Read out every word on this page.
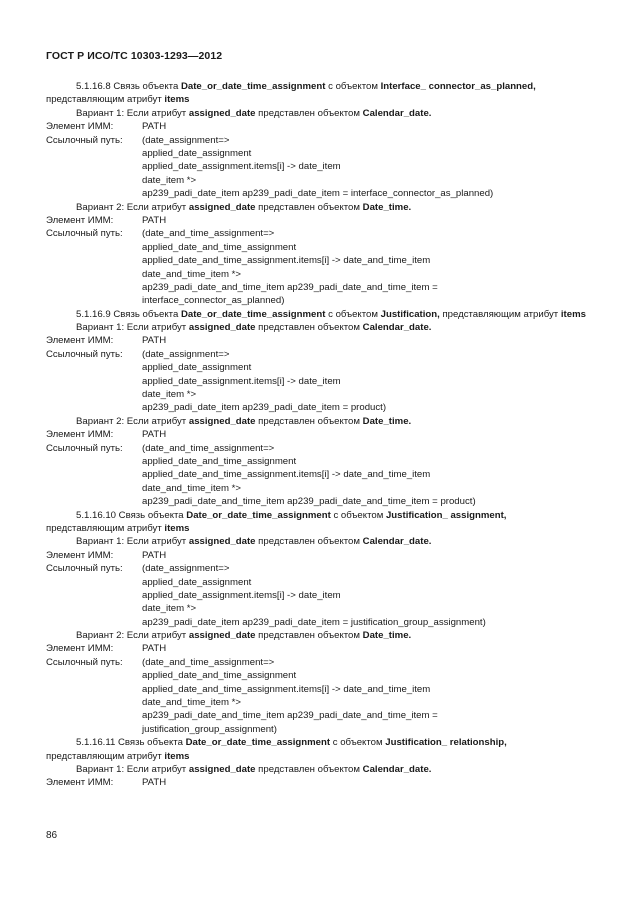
ГОСТ Р ИСО/ТС 10303-1293—2012
5.1.16.8 Связь объекта Date_or_date_time_assignment с объектом Interface_ connector_as_planned, представляющим атрибут items
Вариант 1: Если атрибут assigned_date представлен объектом Calendar_date.
Элемент ИММ:	PATH
Ссылочный путь: (date_assignment=>
applied_date_assignment
applied_date_assignment.items[i] -> date_item
date_item *>
ap239_padi_date_item ap239_padi_date_item = interface_connector_as_planned)
Вариант 2: Если атрибут assigned_date представлен объектом Date_time.
Элемент ИММ:	PATH
Ссылочный путь: (date_and_time_assignment=>
applied_date_and_time_assignment
applied_date_and_time_assignment.items[i] -> date_and_time_item
date_and_time_item *>
ap239_padi_date_and_time_item ap239_padi_date_and_time_item =
interface_connector_as_planned)
5.1.16.9 Связь объекта Date_or_date_time_assignment с объектом Justification, представляющим атрибут items
Вариант 1: Если атрибут assigned_date представлен объектом Calendar_date.
Элемент ИММ:	PATH
Ссылочный путь: (date_assignment=>
applied_date_assignment
applied_date_assignment.items[i] -> date_item
date_item *>
ap239_padi_date_item ap239_padi_date_item = product)
Вариант 2: Если атрибут assigned_date представлен объектом Date_time.
Элемент ИММ:	PATH
Ссылочный путь: (date_and_time_assignment=>
applied_date_and_time_assignment
applied_date_and_time_assignment.items[i] -> date_and_time_item
date_and_time_item *>
ap239_padi_date_and_time_item ap239_padi_date_and_time_item = product)
5.1.16.10 Связь объекта Date_or_date_time_assignment с объектом Justification_ assignment, представляющим атрибут items
Вариант 1: Если атрибут assigned_date представлен объектом Calendar_date.
Элемент ИММ:	PATH
Ссылочный путь: (date_assignment=>
applied_date_assignment
applied_date_assignment.items[i] -> date_item
date_item *>
ap239_padi_date_item ap239_padi_date_item = justification_group_assignment)
Вариант 2: Если атрибут assigned_date представлен объектом Date_time.
Элемент ИММ:	PATH
Ссылочный путь: (date_and_time_assignment=>
applied_date_and_time_assignment
applied_date_and_time_assignment.items[i] -> date_and_time_item
date_and_time_item *>
ap239_padi_date_and_time_item ap239_padi_date_and_time_item =
justification_group_assignment)
5.1.16.11 Связь объекта Date_or_date_time_assignment с объектом Justification_ relationship, представляющим атрибут items
Вариант 1: Если атрибут assigned_date представлен объектом Calendar_date.
Элемент ИММ:	PATH
86
